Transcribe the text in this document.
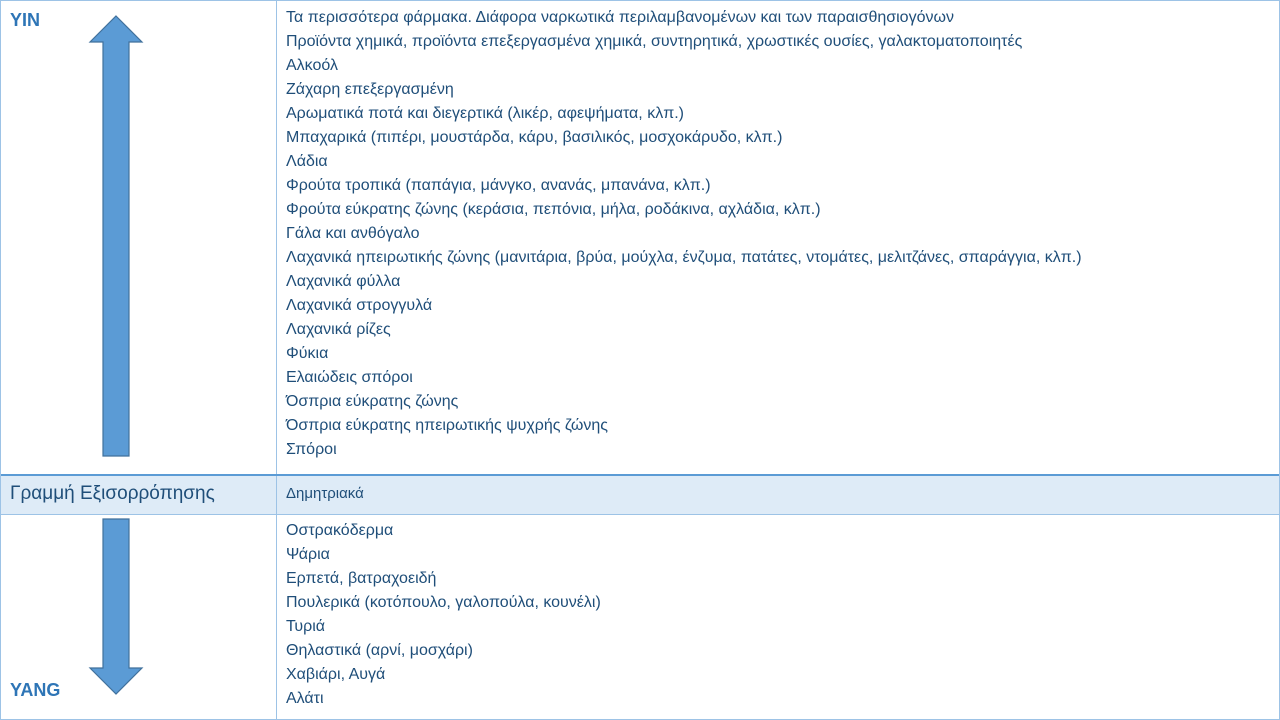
YIN
YANG
Γραμμή Εξισορρόπησης	Δημητριακά
Τα περισσότερα φάρμακα. Διάφορα ναρκωτικά περιλαμβανομένων και των παραισθησιογόνων
Προϊόντα χημικά, προϊόντα επεξεργασμένα χημικά, συντηρητικά, χρωστικές ουσίες, γαλακτοματοποιητές
Αλκοόλ
Ζάχαρη επεξεργασμένη
Αρωματικά ποτά και διεγερτικά (λικέρ, αφεψήματα, κλπ.)
Μπαχαρικά (πιπέρι, μουστάρδα, κάρυ, βασιλικός, μοσχοκάρυδο, κλπ.)
Λάδια
Φρούτα τροπικά (παπάγια, μάνγκο, ανανάς, μπανάνα, κλπ.)
Φρούτα εύκρατης ζώνης (κεράσια, πεπόνια, μήλα, ροδάκινα, αχλάδια, κλπ.)
Γάλα και ανθόγαλο
Λαχανικά ηπειρωτικής ζώνης (μανιτάρια, βρύα, μούχλα, ένζυμα, πατάτες, ντομάτες, μελιτζάνες, σπαράγγια, κλπ.)
Λαχανικά φύλλα
Λαχανικά στρογγυλά
Λαχανικά ρίζες
Φύκια
Ελαιώδεις σπόροι
Όσπρια εύκρατης ζώνης
Όσπρια εύκρατης ηπειρωτικής ψυχρής ζώνης
Σπόροι
Οστρακόδερμα
Ψάρια
Ερπετά, βατραχοειδή
Πουλερικά (κοτόπουλο, γαλοπούλα, κουνέλι)
Τυριά
Θηλαστικά (αρνί, μοσχάρι)
Χαβιάρι, Αυγά
Αλάτι
